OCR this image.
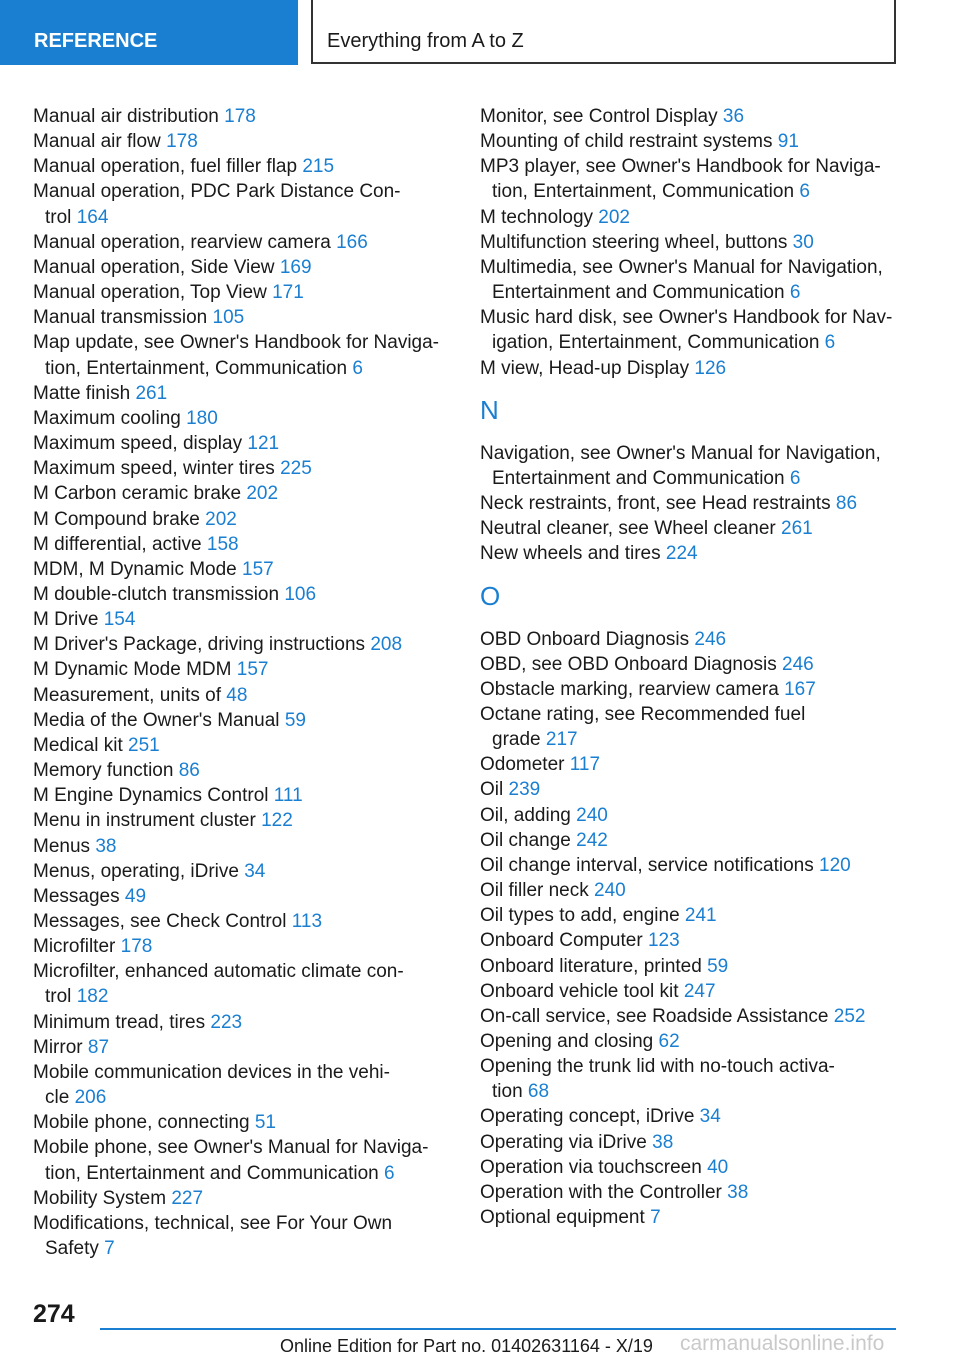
REFERENCE	Everything from A to Z
Manual air distribution 178
Manual air flow 178
Manual operation, fuel filler flap 215
Manual operation, PDC Park Distance Con-
trol 164
Manual operation, rearview camera 166
Manual operation, Side View 169
Manual operation, Top View 171
Manual transmission 105
Map update, see Owner's Handbook for Naviga-
tion, Entertainment, Communication 6
Matte finish 261
Maximum cooling 180
Maximum speed, display 121
Maximum speed, winter tires 225
M Carbon ceramic brake 202
M Compound brake 202
M differential, active 158
MDM, M Dynamic Mode 157
M double-clutch transmission 106
M Drive 154
M Driver's Package, driving instructions 208
M Dynamic Mode MDM 157
Measurement, units of 48
Media of the Owner's Manual 59
Medical kit 251
Memory function 86
M Engine Dynamics Control 111
Menu in instrument cluster 122
Menus 38
Menus, operating, iDrive 34
Messages 49
Messages, see Check Control 113
Microfilter 178
Microfilter, enhanced automatic climate con-
trol 182
Minimum tread, tires 223
Mirror 87
Mobile communication devices in the vehi-
cle 206
Mobile phone, connecting 51
Mobile phone, see Owner's Manual for Naviga-
tion, Entertainment and Communication 6
Mobility System 227
Modifications, technical, see For Your Own
Safety 7
Monitor, see Control Display 36
Mounting of child restraint systems 91
MP3 player, see Owner's Handbook for Naviga-
tion, Entertainment, Communication 6
M technology 202
Multifunction steering wheel, buttons 30
Multimedia, see Owner's Manual for Navigation,
Entertainment and Communication 6
Music hard disk, see Owner's Handbook for Nav-
igation, Entertainment, Communication 6
M view, Head-up Display 126
N
Navigation, see Owner's Manual for Navigation,
Entertainment and Communication 6
Neck restraints, front, see Head restraints 86
Neutral cleaner, see Wheel cleaner 261
New wheels and tires 224
O
OBD Onboard Diagnosis 246
OBD, see OBD Onboard Diagnosis 246
Obstacle marking, rearview camera 167
Octane rating, see Recommended fuel
grade 217
Odometer 117
Oil 239
Oil, adding 240
Oil change 242
Oil change interval, service notifications 120
Oil filler neck 240
Oil types to add, engine 241
Onboard Computer 123
Onboard literature, printed 59
Onboard vehicle tool kit 247
On-call service, see Roadside Assistance 252
Opening and closing 62
Opening the trunk lid with no-touch activa-
tion 68
Operating concept, iDrive 34
Operating via iDrive 38
Operation via touchscreen 40
Operation with the Controller 38
Optional equipment 7
274
Online Edition for Part no. 01402631164 - X/19 carmanualsonline.info
